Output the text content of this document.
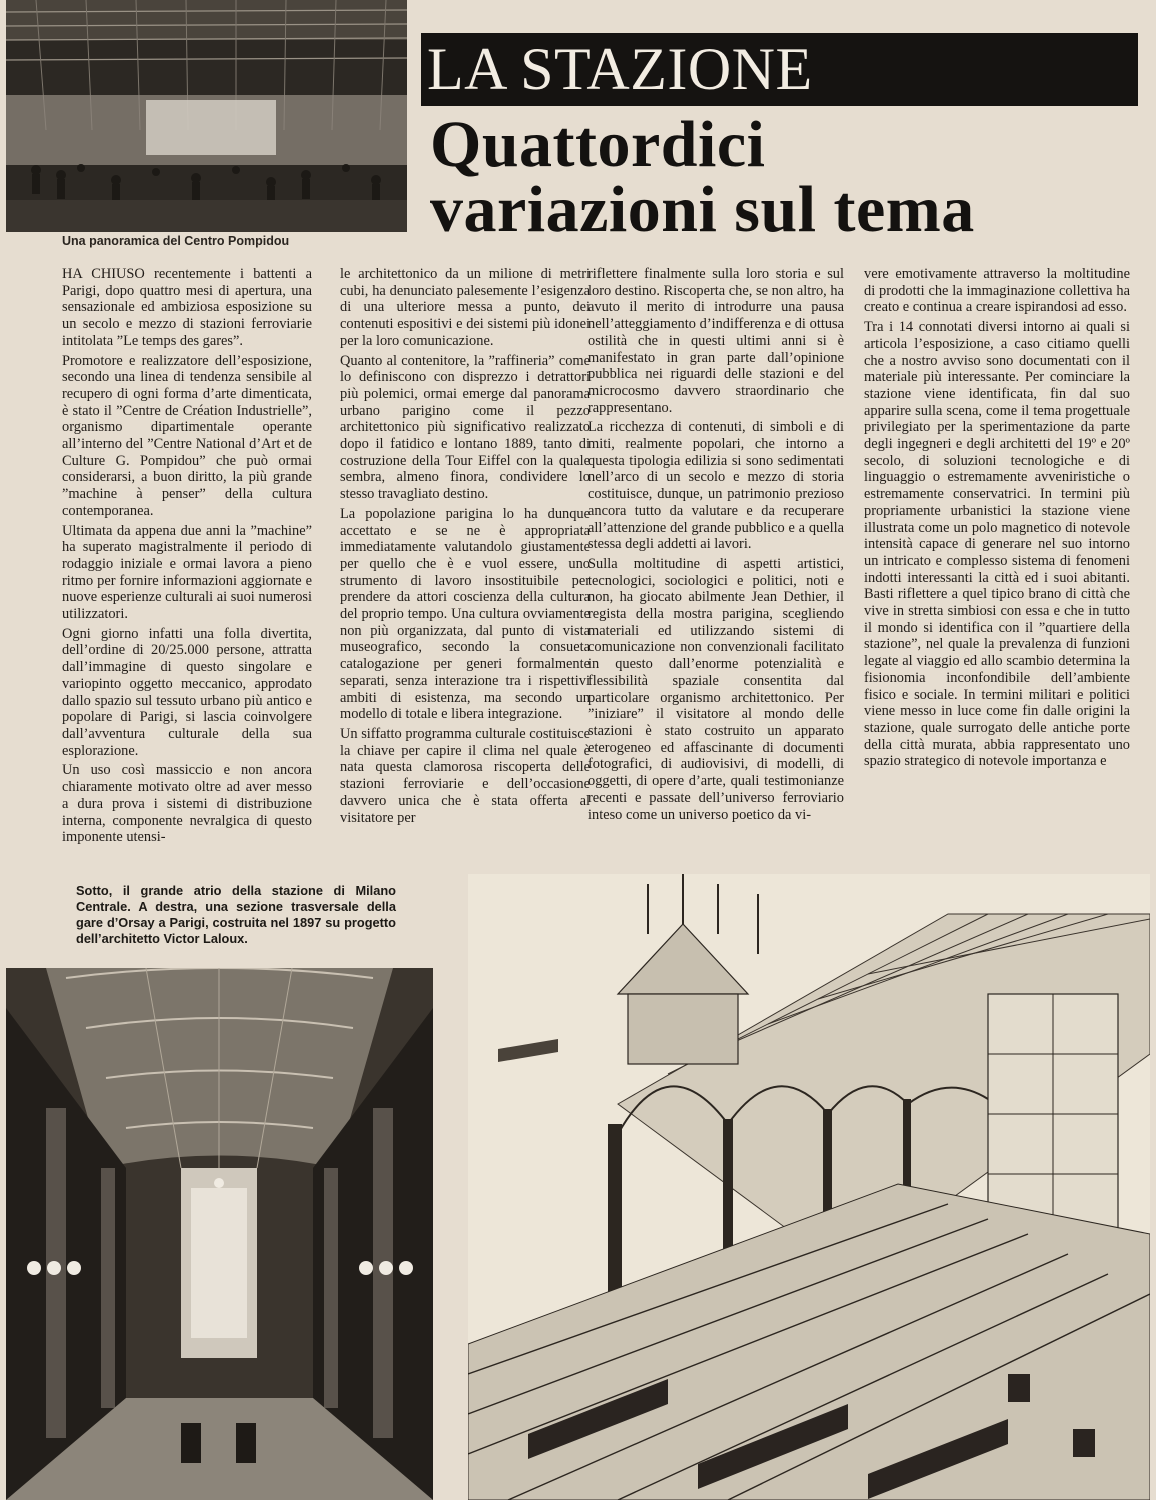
Una panoramica del Centro Pompidou

LA STAZIONE
Quattordici
variazioni sul tema

HA CHIUSO recentemente i battenti a Parigi, dopo quattro mesi di apertura, una sensazionale ed ambiziosa esposizione su un secolo e mezzo di stazioni ferroviarie intitolata ”Le temps des gares”.

Promotore e realizzatore dell’esposizione, secondo una linea di tendenza sensibile al recupero di ogni forma d’arte dimenticata, è stato il ”Centre de Création Industrielle”, organismo dipartimentale operante all’interno del ”Centre National d’Art et de Culture G. Pompidou” che può ormai considerarsi, a buon diritto, la più grande ”machine à penser” della cultura contemporanea.

Ultimata da appena due anni la ”machine” ha superato magistralmente il periodo di rodaggio iniziale e ormai lavora a pieno ritmo per fornire informazioni aggiornate e nuove esperienze culturali ai suoi numerosi utilizzatori.

Ogni giorno infatti una folla divertita, dell’ordine di 20/25.000 persone, attratta dall’immagine di questo singolare e variopinto oggetto meccanico, approdato dallo spazio sul tessuto urbano più antico e popolare di Parigi, si lascia coinvolgere dall’avventura culturale della sua esplorazione.

Un uso così massiccio e non ancora chiaramente motivato oltre ad aver messo a dura prova i sistemi di distribuzione interna, componente nevralgica di questo imponente utensi-

le architettonico da un milione di metri cubi, ha denunciato palesemente l’esigenza di una ulteriore messa a punto, dei contenuti espositivi e dei sistemi più idonei per la loro comunicazione.

Quanto al contenitore, la ”raffineria” come lo definiscono con disprezzo i detrattori più polemici, ormai emerge dal panorama urbano parigino come il pezzo architettonico più significativo realizzato dopo il fatidico e lontano 1889, tanto di costruzione della Tour Eiffel con la quale sembra, almeno finora, condividere lo stesso travagliato destino.

La popolazione parigina lo ha dunque accettato e se ne è appropriata immediatamente valutandolo giustamente per quello che è e vuol essere, uno strumento di lavoro insostituibile per prendere da attori coscienza della cultura del proprio tempo. Una cultura ovviamente non più organizzata, dal punto di vista museografico, secondo la consueta catalogazione per generi formalmente separati, senza interazione tra i rispettivi ambiti di esistenza, ma secondo un modello di totale e libera integrazione.

Un siffatto programma culturale costituisce la chiave per capire il clima nel quale è nata questa clamorosa riscoperta delle stazioni ferroviarie e dell’occasione davvero unica che è stata offerta al visitatore per

riflettere finalmente sulla loro storia e sul loro destino. Riscoperta che, se non altro, ha avuto il merito di introdurre una pausa nell’atteggiamento d’indifferenza e di ottusa ostilità che in questi ultimi anni si è manifestato in gran parte dall’opinione pubblica nei riguardi delle stazioni e del microcosmo davvero straordinario che rappresentano.

La ricchezza di contenuti, di simboli e di miti, realmente popolari, che intorno a questa tipologia edilizia si sono sedimentati nell’arco di un secolo e mezzo di storia costituisce, dunque, un patrimonio prezioso ancora tutto da valutare e da recuperare all’attenzione del grande pubblico e a quella stessa degli addetti ai lavori.

Sulla moltitudine di aspetti artistici, tecnologici, sociologici e politici, noti e non, ha giocato abilmente Jean Dethier, il regista della mostra parigina, scegliendo materiali ed utilizzando sistemi di comunicazione non convenzionali facilitato in questo dall’enorme potenzialità e flessibilità spaziale consentita dal particolare organismo architettonico. Per ”iniziare” il visitatore al mondo delle stazioni è stato costruito un apparato eterogeneo ed affascinante di documenti fotografici, di audiovisivi, di modelli, di oggetti, di opere d’arte, quali testimonianze recenti e passate dell’universo ferroviario inteso come un universo poetico da vi-

vere emotivamente attraverso la moltitudine di prodotti che la immaginazione collettiva ha creato e continua a creare ispirandosi ad esso.

Tra i 14 connotati diversi intorno ai quali si articola l’esposizione, a caso citiamo quelli che a nostro avviso sono documentati con il materiale più interessante. Per cominciare la stazione viene identificata, fin dal suo apparire sulla scena, come il tema progettuale privilegiato per la sperimentazione da parte degli ingegneri e degli architetti del 19º e 20º secolo, di soluzioni tecnologiche e di linguaggio o estremamente avveniristiche o estremamente conservatrici. In termini più propriamente urbanistici la stazione viene illustrata come un polo magnetico di notevole intensità capace di generare nel suo intorno un intricato e complesso sistema di fenomeni indotti interessanti la città ed i suoi abitanti. Basti riflettere a quel tipico brano di città che vive in stretta simbiosi con essa e che in tutto il mondo si identifica con il ”quartiere della stazione”, nel quale la prevalenza di funzioni legate al viaggio ed allo scambio determina la fisionomia inconfondibile dell’ambiente fisico e sociale. In termini militari e politici viene messo in luce come fin dalle origini la stazione, quale surrogato delle antiche porte della città murata, abbia rappresentato uno spazio strategico di notevole importanza e

Sotto, il grande atrio della stazione di Milano Centrale. A destra, una sezione trasversale della gare d’Orsay a Parigi, costruita nel 1897 su progetto dell’architetto Victor Laloux.
